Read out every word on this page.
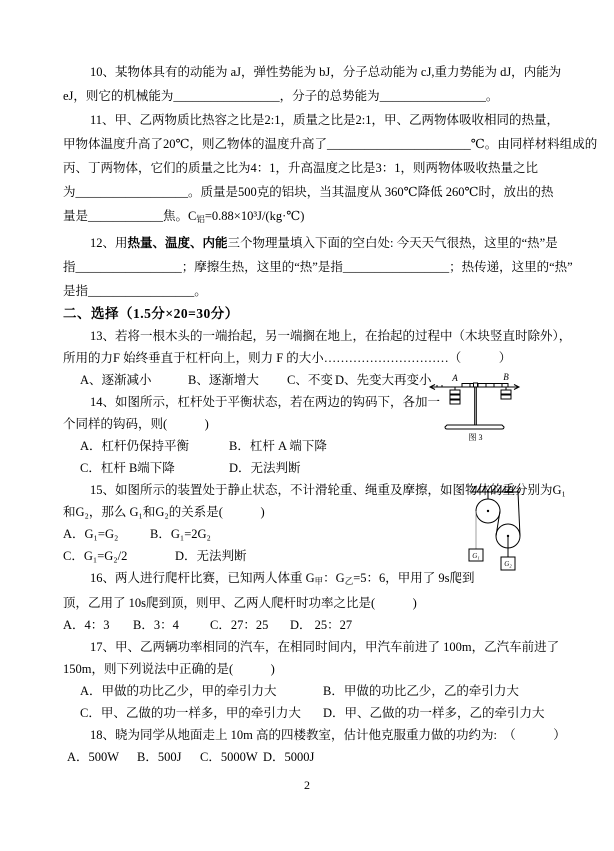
10、某物体具有的动能为 aJ，弹性势能为 bJ，分子总动能为 cJ,重力势能为 dJ，内能为

eJ，则它的机械能为_________________，分子的总势能为_________________。

11、甲、乙两物质比热容之比是2:1，质量之比是2:1，甲、乙两物体吸收相同的热量，

甲物体温度升高了20℃，则乙物体的温度升高了_______________________℃。由同样材料组成的

丙、丁两物体，它们的质量之比为4：1，升高温度之比是3：1，则两物体吸收热量之比

为__________________。质量是500克的铝块，当其温度从 360℃降低 260℃时，放出的热

量是____________焦。$C_铝=0.88\times 10^3J/(kg\cdot℃)$

12、用热量、温度、内能三个物理量填入下面的空白处: 今天天气很热，这里的“热”是

指_________________；摩擦生热，这里的“热”是指_________________；热传递，这里的“热”

是指_________________。

二、选择（1.5分×20=30分）

13、若将一根木头的一端抬起，另一端搁在地上，在抬起的过程中（木块竖直时除外），

所用的力F 始终垂直于杠杆向上，则力 F 的大小…………………………（　　　）

A、逐渐减小	B、逐渐增大	C、不变 D、先变大再变小

14、如图所示，杠杆处于平衡状态，若在两边的钩码下，各加一

个同样的钩码，则(　　　)

A．杠杆仍保持平衡	B．杠杆 A 端下降

C．杠杆 B端下降	D．无法判断

15、如图所示的装置处于静止状态，不计滑轮重、绳重及摩擦，如图物体的重分别为G₁

和G₂，那么 G₁和G₂的关系是(　　　)

A．G₁=G₂	B．G₁=2G₂

C．G₁=G₂/2	D．无法判断

16、两人进行爬杆比赛，已知两人体重 $G_甲$：$G_乙=5$：6，甲用了 9s爬到

顶，乙用了 10s爬到顶，则甲、乙两人爬杆时功率之比是(　　　)

A．4：3	B．3：4	C．27：25	D． 25：27

17、甲、乙两辆功率相同的汽车，在相同时间内，甲汽车前进了 100m，乙汽车前进了

150m，则下列说法中正确的是(　　　)

A．甲做的功比乙少，甲的牵引力大	B．甲做的功比乙少，乙的牵引力大

C．甲、乙做的功一样多，甲的牵引力大	D．甲、乙做的功一样多，乙的牵引力大

18、晓为同学从地面走上 10m 高的四楼教室，估计他克服重力做的功约为:　（　　　）

A．500W	B．500J	C．5000W D．5000J

A	B
图 3
G₁
G₂
2
